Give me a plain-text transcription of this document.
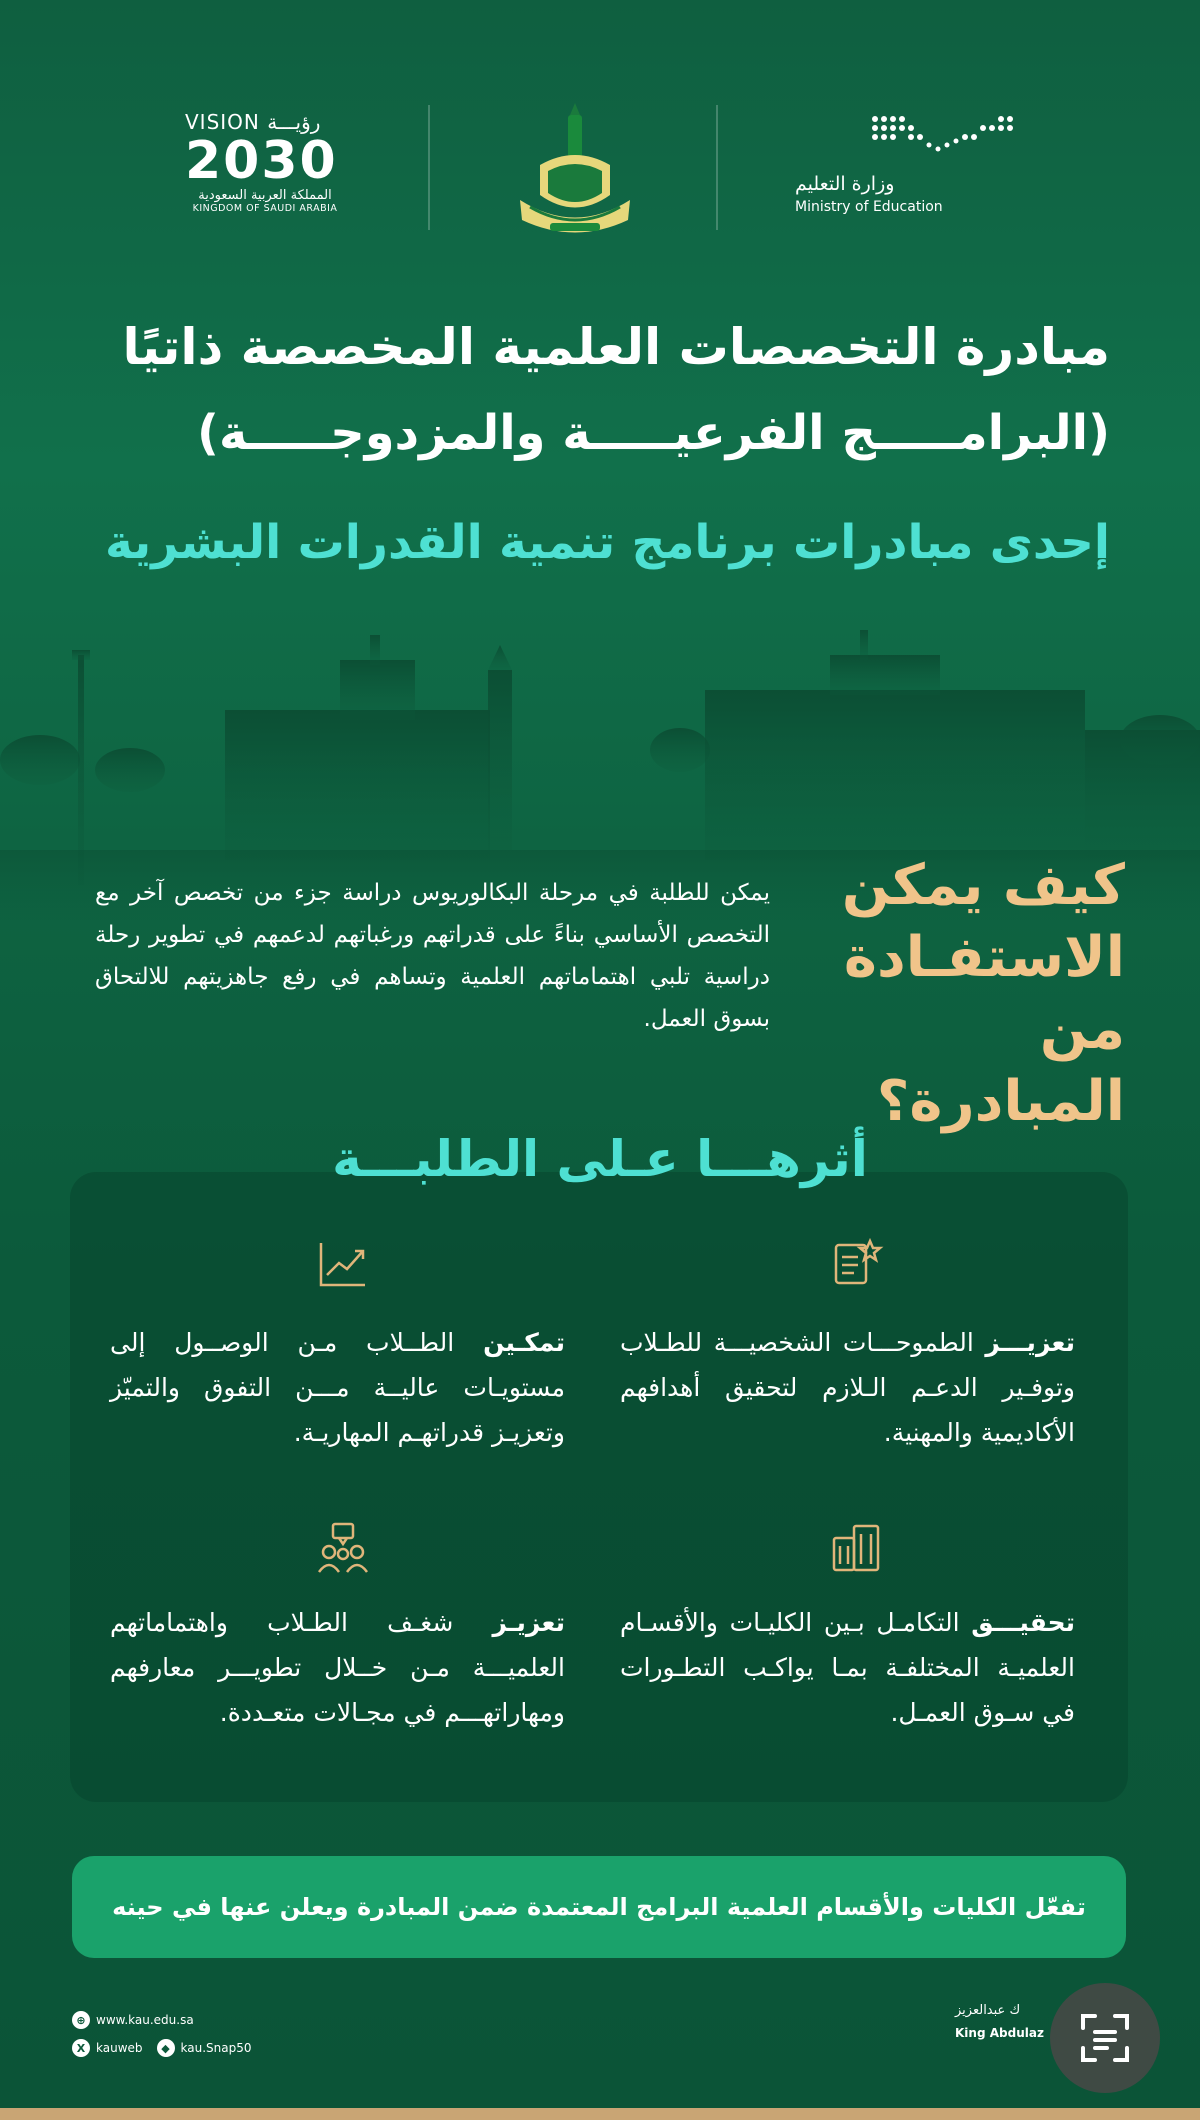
VISION رؤيـــة
2030
المملكة العربية السعودية
KINGDOM OF SAUDI ARABIA
وزارة التعليم
Ministry of Education
مبادرة التخصصات العلمية المخصصة ذاتيًا
(البرامـــــج الفرعيـــــة والمزدوجـــــة)
إحدى مبادرات برنامج تنمية القدرات البشرية
كيف يمكن الاستفـادة من المبادرة؟
يمكن للطلبة في مرحلة البكالوريوس دراسة جزء من تخصص آخر مع التخصص الأساسي بناءً على قدراتهم ورغباتهم لدعمهم في تطوير رحلة دراسية تلبي اهتماماتهم العلمية وتساهم في رفع جاهزيتهم للالتحاق بسوق العمل.
أثرهـــا عـلى الطلبـــة
تعزيـــز الطموحـــات الشخصيـــة للطـلاب وتوفـير الدعـم الـلازم لتحقيق أهدافهم الأكاديمية والمهنية.
تمكـين الطــلاب مـن الوصــول إلى مستويـات عاليــة مـــن التفوق والتميّز وتعزيـز قدراتهـم المهاريـة.
تحقيـــق التكامـل بـين الكليـات والأقسـام العلميـة المختلفـة بمـا يواكـب التطـورات في سـوق العمـل.
تعزيـز شغـف الطـلاب واهتماماتهم العلميـــة مـن خــلال تطويـــر معارفهم ومهاراتهـــم في مجـالات متعـددة.
تفعّل الكليات والأقسام العلمية البرامج المعتمدة ضمن المبادرة ويعلن عنها في حينه
⊕ www.kau.edu.sa
X kauweb	◆ kau.Snap50
ك عبدالعزيز
King Abdulaz
